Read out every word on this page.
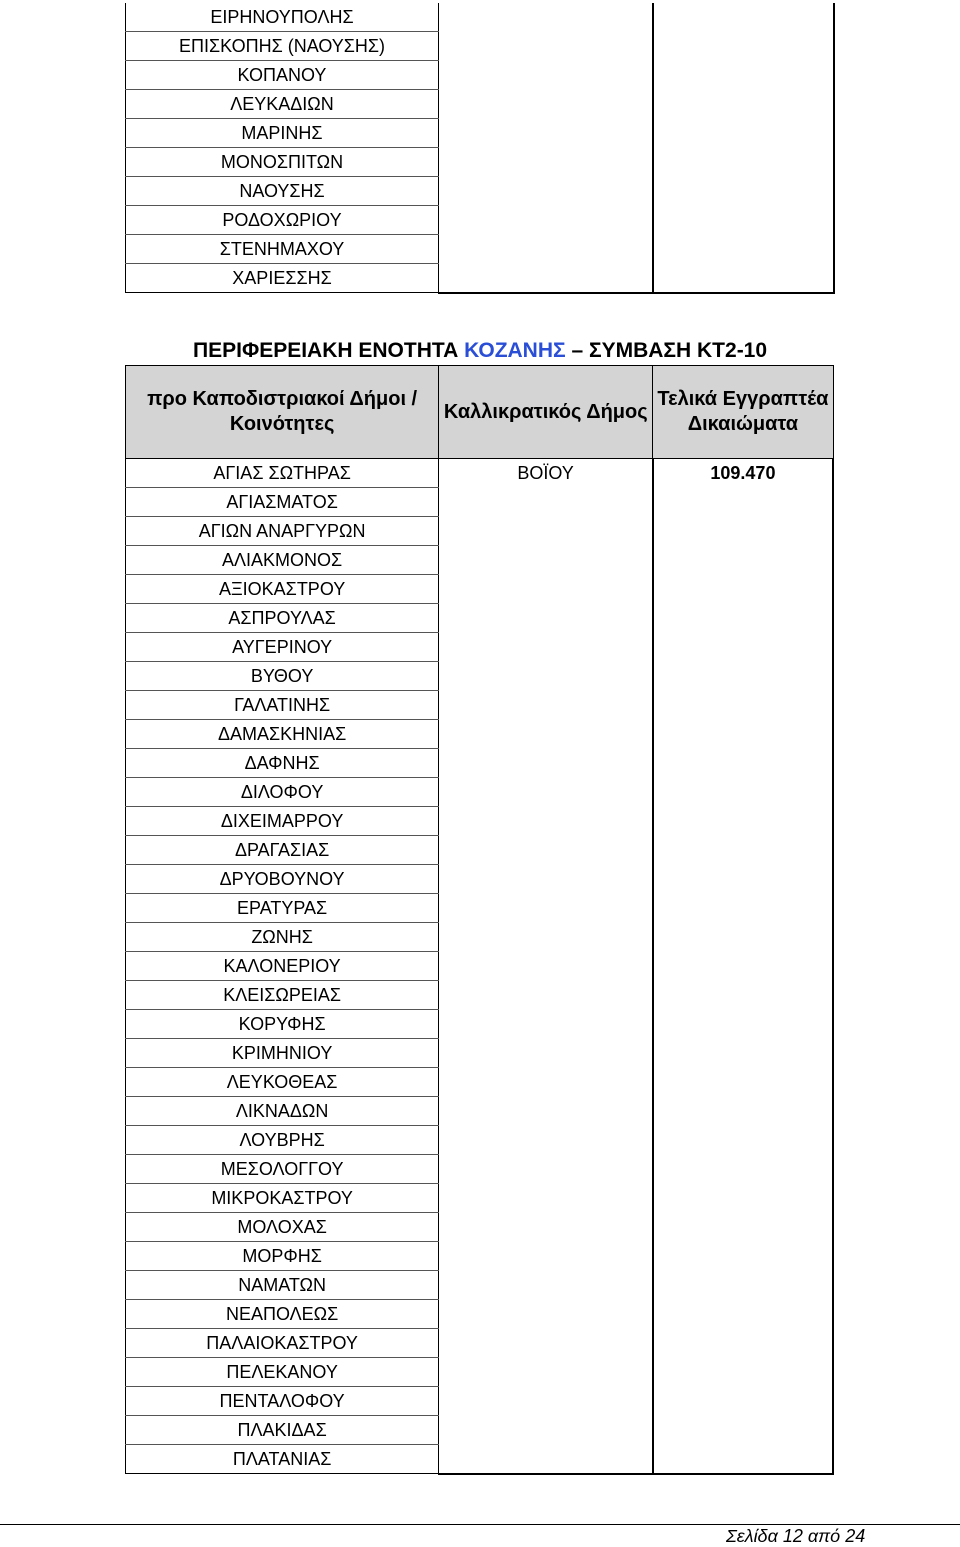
ΕΙΡΗΝΟΥΠΟΛΗΣ		
ΕΠΙΣΚΟΠΗΣ (ΝΑΟΥΣΗΣ)
ΚΟΠΑΝΟΥ
ΛΕΥΚΑΔΙΩΝ
ΜΑΡΙΝΗΣ
ΜΟΝΟΣΠΙΤΩΝ
ΝΑΟΥΣΗΣ
ΡΟΔΟΧΩΡΙΟΥ
ΣΤΕΝΗΜΑΧΟΥ
ΧΑΡΙΕΣΣΗΣ
ΠΕΡΙΦΕΡΕΙΑΚΗ ΕΝΟΤΗΤΑ ΚΟΖΑΝΗΣ – ΣΥΜΒΑΣΗ ΚΤ2-10
προ Καποδιστριακοί Δήμοι / Κοινότητες	Καλλικρατικός Δήμος	Τελικά Εγγραπτέα Δικαιώματα
ΑΓΙΑΣ ΣΩΤΗΡΑΣ	ΒΟΪΟΥ	109.470

ΑΓΙΑΣΜΑΤΟΣ		
ΑΓΙΩΝ ΑΝΑΡΓΥΡΩΝ		
ΑΛΙΑΚΜΟΝΟΣ		
ΑΞΙΟΚΑΣΤΡΟΥ		
ΑΣΠΡΟΥΛΑΣ		
ΑΥΓΕΡΙΝΟΥ		
ΒΥΘΟΥ		
ΓΑΛΑΤΙΝΗΣ		
ΔΑΜΑΣΚΗΝΙΑΣ		
ΔΑΦΝΗΣ		
ΔΙΛΟΦΟΥ		
ΔΙΧΕΙΜΑΡΡΟΥ		
ΔΡΑΓΑΣΙΑΣ		
ΔΡΥΟΒΟΥΝΟΥ		
ΕΡΑΤΥΡΑΣ		
ΖΩΝΗΣ		
ΚΑΛΟΝΕΡΙΟΥ		
ΚΛΕΙΣΩΡΕΙΑΣ		
ΚΟΡΥΦΗΣ		
ΚΡΙΜΗΝΙΟΥ		
ΛΕΥΚΟΘΕΑΣ		
ΛΙΚΝΑΔΩΝ		
ΛΟΥΒΡΗΣ		
ΜΕΣΟΛΟΓΓΟΥ		
ΜΙΚΡΟΚΑΣΤΡΟΥ		
ΜΟΛΟΧΑΣ		
ΜΟΡΦΗΣ		
ΝΑΜΑΤΩΝ		
ΝΕΑΠΟΛΕΩΣ		
ΠΑΛΑΙΟΚΑΣΤΡΟΥ		
ΠΕΛΕΚΑΝΟΥ		
ΠΕΝΤΑΛΟΦΟΥ		
ΠΛΑΚΙΔΑΣ		
ΠΛΑΤΑΝΙΑΣ		
Σελίδα 12 από 24
